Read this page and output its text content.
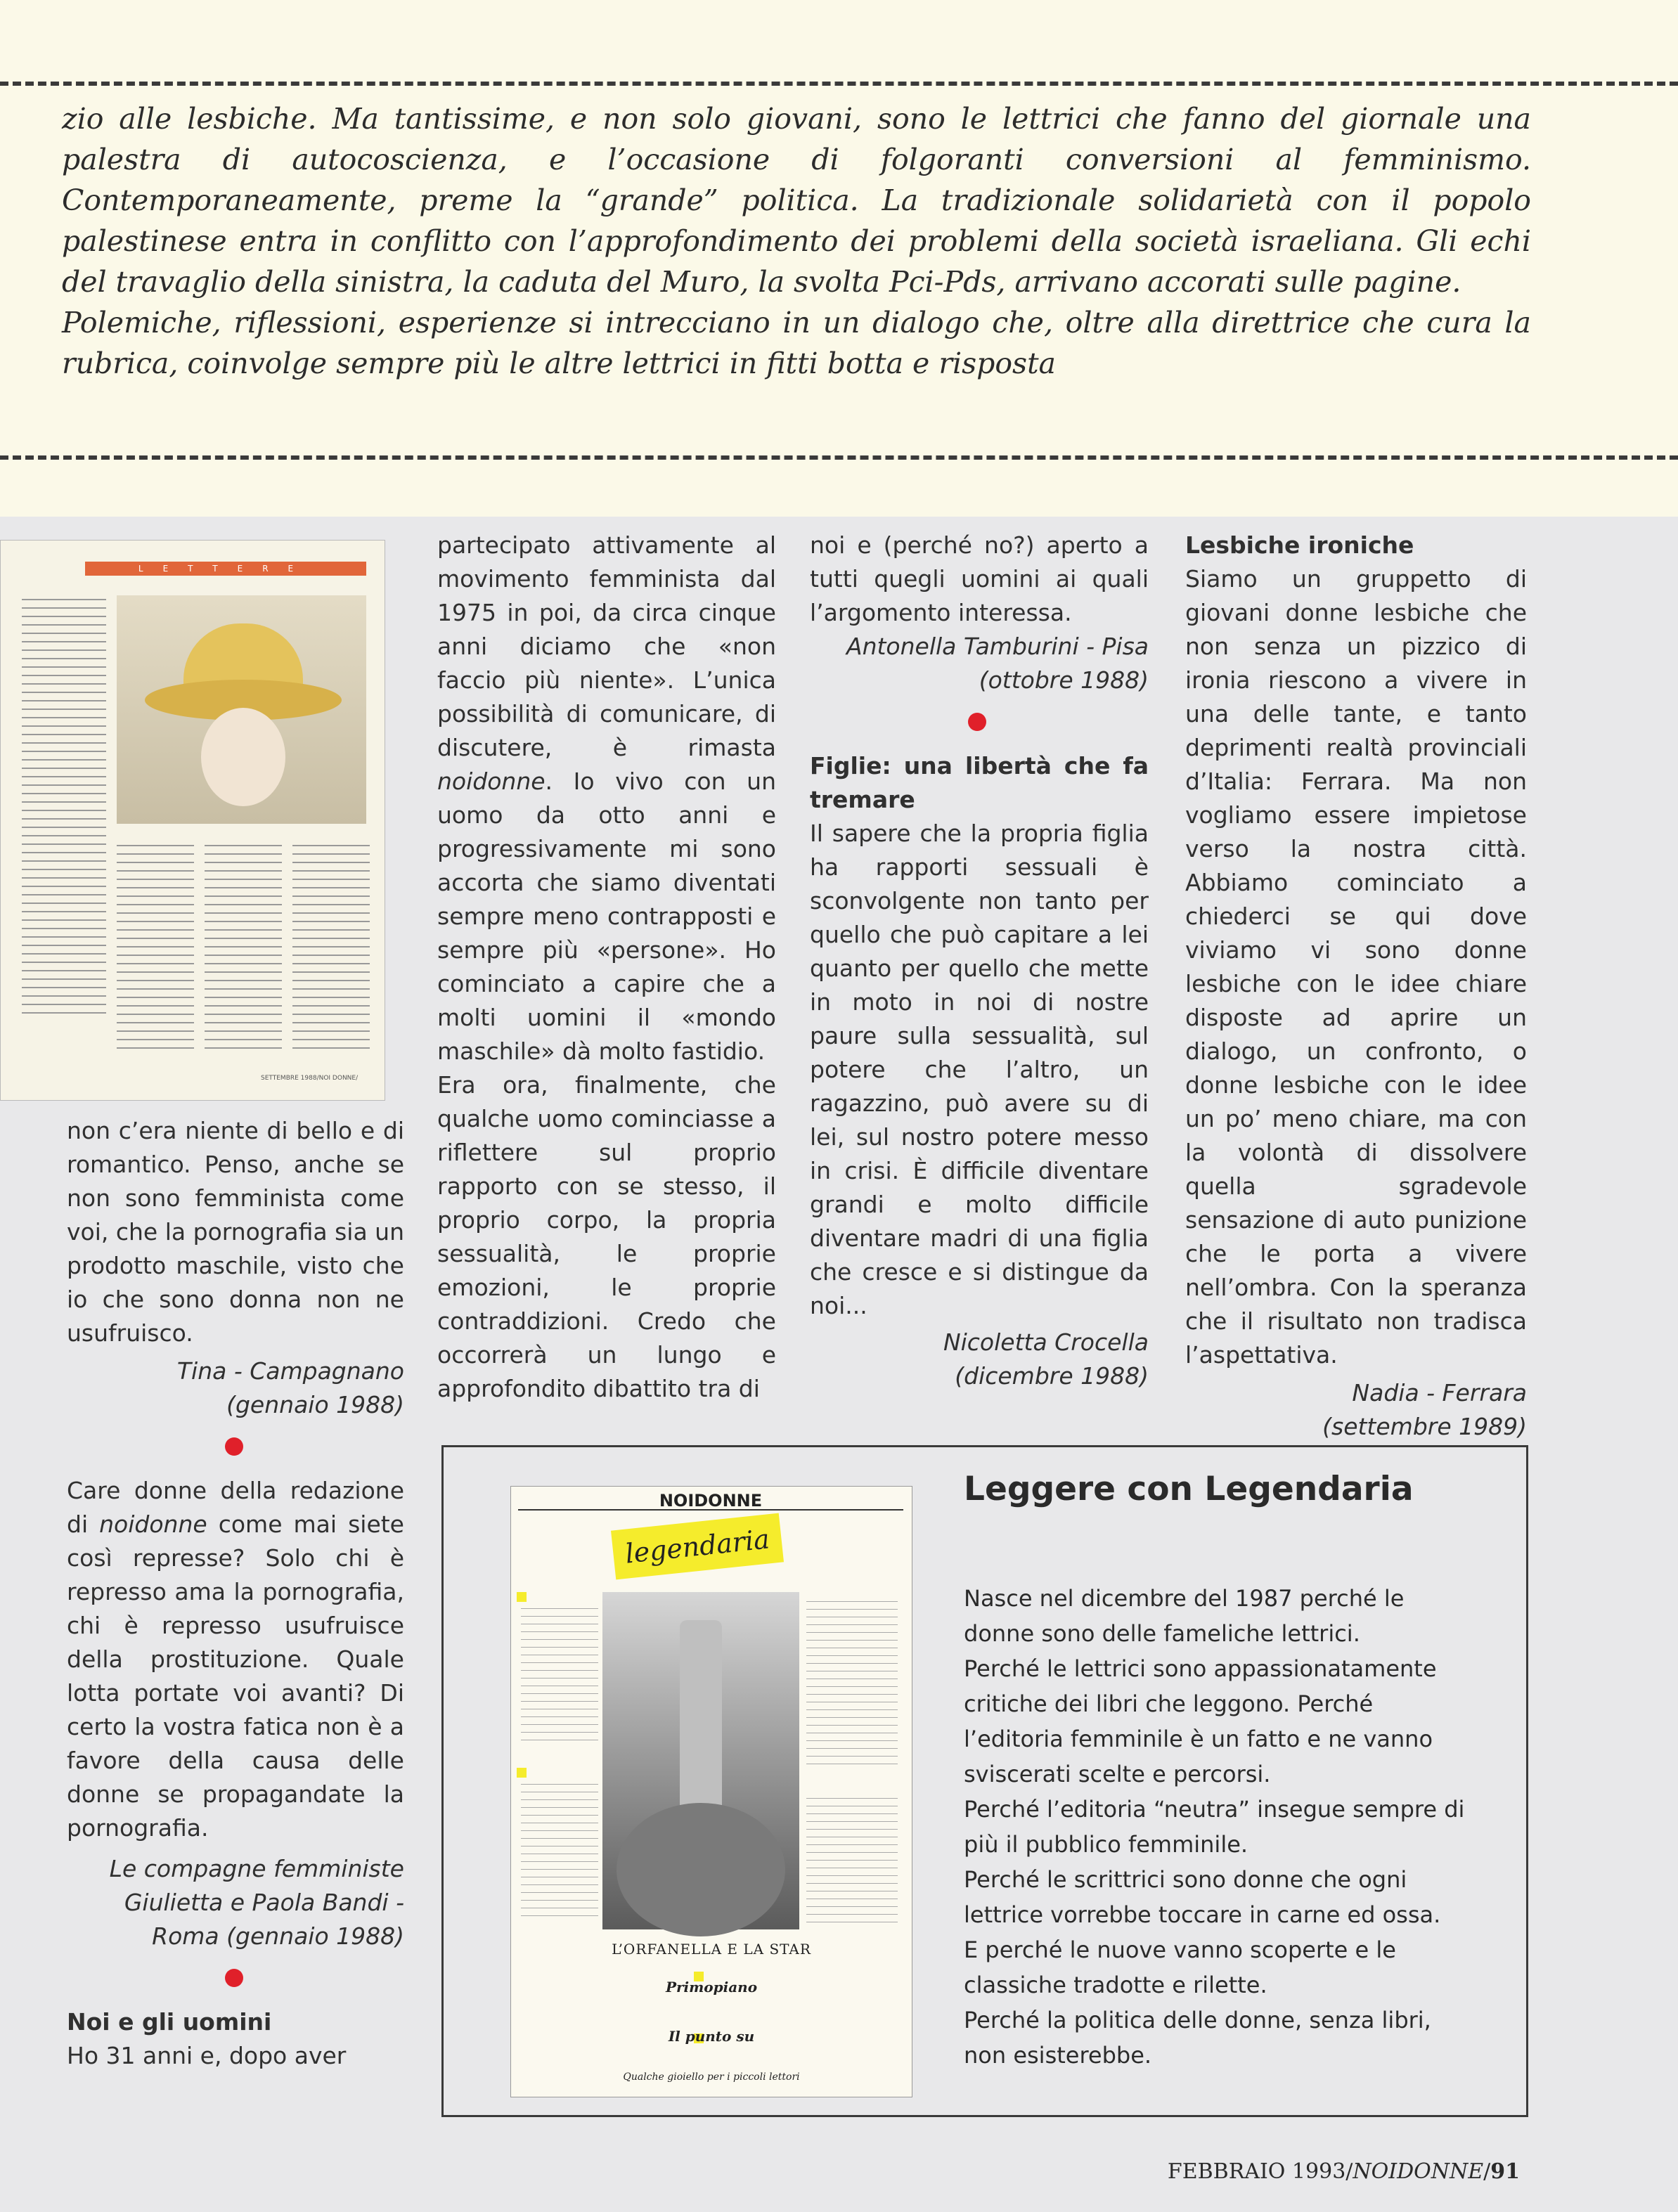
zio alle lesbiche. Ma tantissime, e non solo giovani, sono le lettrici che fanno del giornale una palestra di autocoscienza, e l’occasione di folgoranti conversioni al femminismo. Contemporaneamente, preme la “grande” politica. La tradizionale solidarietà con il popolo palestinese entra in conflitto con l’approfondimento dei problemi della società israeliana. Gli echi del travaglio della sinistra, la caduta del Muro, la svolta Pci-Pds, arrivano accorati sulle pagine.

Polemiche, riflessioni, esperienze si intrecciano in un dialogo che, oltre alla direttrice che cura la rubrica, coinvolge sempre più le altre lettrici in fitti botta e risposta

LETTERE
SETTEMBRE 1988/NOI DONNE/

non c’era niente di bello e di romantico. Penso, anche se non sono femminista come voi, che la pornografia sia un prodotto maschile, visto che io che sono donna non ne usufruisco.

Tina - Campagnano

(gennaio 1988)

Care donne della redazione di noidonne come mai siete così represse? Solo chi è represso ama la pornografia, chi è represso usufruisce della prostituzione. Quale lotta portate voi avanti? Di certo la vostra fatica non è a favore della causa delle donne se propagandate la pornografia.

Le compagne femministe

Giulietta e Paola Bandi -

Roma (gennaio 1988)

Noi e gli uomini

Ho 31 anni e, dopo aver

partecipato attivamente al movimento femminista dal 1975 in poi, da circa cinque anni diciamo che «non faccio più niente». L’unica possibilità di comunicare, di discutere, è rimasta noidonne. Io vivo con un uomo da otto anni e progressivamente mi sono accorta che siamo diventati sempre meno contrapposti e sempre più «persone». Ho cominciato a capire che a molti uomini il «mondo maschile» dà molto fastidio.

Era ora, finalmente, che qualche uomo cominciasse a riflettere sul proprio rapporto con se stesso, il proprio corpo, la propria sessualità, le proprie emozioni, le proprie contraddizioni. Credo che occorrerà un lungo e approfondito dibattito tra di

noi e (perché no?) aperto a tutti quegli uomini ai quali l’argomento interessa.

Antonella Tamburini - Pisa

(ottobre 1988)

Figlie: una libertà che fa tremare

Il sapere che la propria figlia ha rapporti sessuali è sconvolgente non tanto per quello che può capitare a lei quanto per quello che mette in moto in noi di nostre paure sulla sessualità, sul potere che l’altro, un ragazzino, può avere su di lei, sul nostro potere messo in crisi. È difficile diventare grandi e molto difficile diventare madri di una figlia che cresce e si distingue da noi...

Nicoletta Crocella

(dicembre 1988)

Lesbiche ironiche

Siamo un gruppetto di giovani donne lesbiche che non senza un pizzico di ironia riescono a vivere in una delle tante, e tanto deprimenti realtà provinciali d’Italia: Ferrara. Ma non vogliamo essere impietose verso la nostra città. Abbiamo cominciato a chiederci se qui dove viviamo vi sono donne lesbiche con le idee chiare disposte ad aprire un dialogo, un confronto, o donne lesbiche con le idee un po’ meno chiare, ma con la volontà di dissolvere quella sgradevole sensazione di auto punizione che le porta a vivere nell’ombra. Con la speranza che il risultato non tradisca l’aspettativa.

Nadia - Ferrara

(settembre 1989)

NOIDONNE
legendaria
L’ORFANELLA E LA STAR
Primopiano
Il punto su
Qualche gioiello per i piccoli lettori
Leggere con Legendaria

Nasce nel dicembre del 1987 perché le donne sono delle fameliche lettrici.

Perché le lettrici sono appassionatamente critiche dei libri che leggono. Perché l’editoria femminile è un fatto e ne vanno sviscerati scelte e percorsi.

Perché l’editoria “neutra” insegue sempre di più il pubblico femminile.

Perché le scrittrici sono donne che ogni lettrice vorrebbe toccare in carne ed ossa.

E perché le nuove vanno scoperte e le classiche tradotte e rilette.

Perché la politica delle donne, senza libri, non esisterebbe.

FEBBRAIO 1993/NOIDONNE/91
